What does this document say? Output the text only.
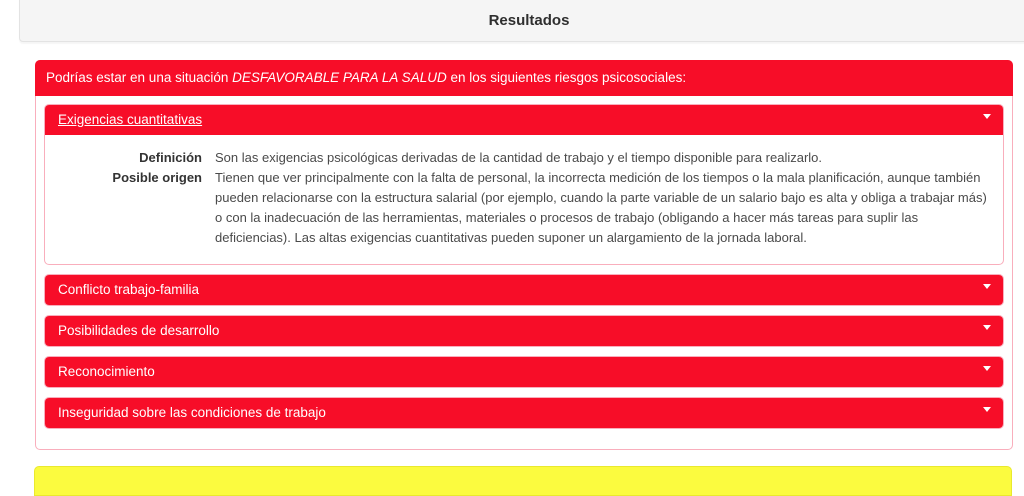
Resultados
Podrías estar en una situación DESFAVORABLE PARA LA SALUD en los siguientes riesgos psicosociales:
Exigencias cuantitativas
Definición	Son las exigencias psicológicas derivadas de la cantidad de trabajo y el tiempo disponible para realizarlo.
Posible origen	Tienen que ver principalmente con la falta de personal, la incorrecta medición de los tiempos o la mala planificación, aunque también pueden relacionarse con la estructura salarial (por ejemplo, cuando la parte variable de un salario bajo es alta y obliga a trabajar más) o con la inadecuación de las herramientas, materiales o procesos de trabajo (obligando a hacer más tareas para suplir las deficiencias). Las altas exigencias cuantitativas pueden suponer un alargamiento de la jornada laboral.
Conflicto trabajo-familia
Posibilidades de desarrollo
Reconocimiento
Inseguridad sobre las condiciones de trabajo
